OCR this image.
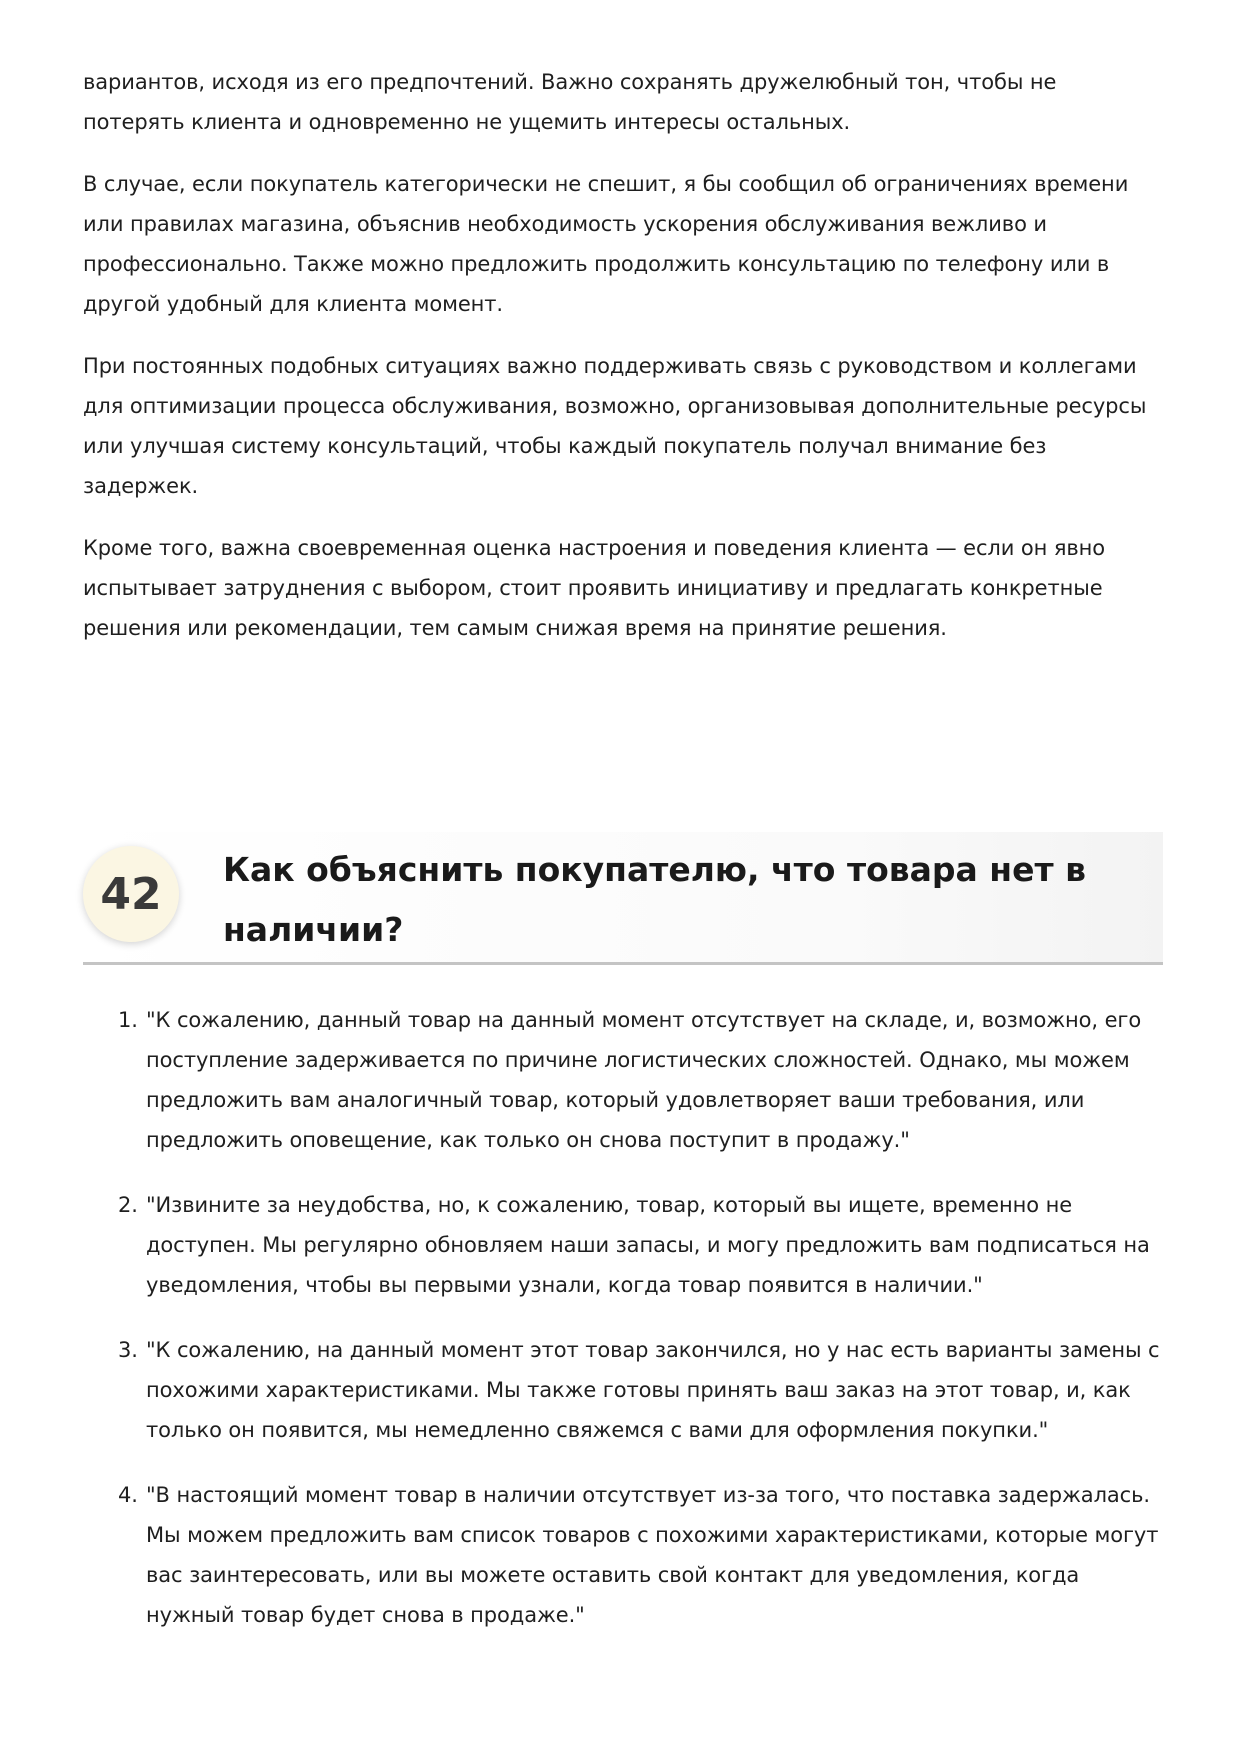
вариантов, исходя из его предпочтений. Важно сохранять дружелюбный тон, чтобы не потерять клиента и одновременно не ущемить интересы остальных.

В случае, если покупатель категорически не спешит, я бы сообщил об ограничениях времени или правилах магазина, объяснив необходимость ускорения обслуживания вежливо и профессионально. Также можно предложить продолжить консультацию по телефону или в другой удобный для клиента момент.

При постоянных подобных ситуациях важно поддерживать связь с руководством и коллегами для оптимизации процесса обслуживания, возможно, организовывая дополнительные ресурсы или улучшая систему консультаций, чтобы каждый покупатель получал внимание без задержек.

Кроме того, важна своевременная оценка настроения и поведения клиента — если он явно испытывает затруднения с выбором, стоит проявить инициативу и предлагать конкретные решения или рекомендации, тем самым снижая время на принятие решения.

42	Как объяснить покупателю, что товара нет в наличии?
1. "К сожалению, данный товар на данный момент отсутствует на складе, и, возможно, его поступление задерживается по причине логистических сложностей. Однако, мы можем предложить вам аналогичный товар, который удовлетворяет ваши требования, или предложить оповещение, как только он снова поступит в продажу."
2. "Извините за неудобства, но, к сожалению, товар, который вы ищете, временно не доступен. Мы регулярно обновляем наши запасы, и могу предложить вам подписаться на уведомления, чтобы вы первыми узнали, когда товар появится в наличии."
3. "К сожалению, на данный момент этот товар закончился, но у нас есть варианты замены с похожими характеристиками. Мы также готовы принять ваш заказ на этот товар, и, как только он появится, мы немедленно свяжемся с вами для оформления покупки."
4. "В настоящий момент товар в наличии отсутствует из-за того, что поставка задержалась. Мы можем предложить вам список товаров с похожими характеристиками, которые могут вас заинтересовать, или вы можете оставить свой контакт для уведомления, когда нужный товар будет снова в продаже."
